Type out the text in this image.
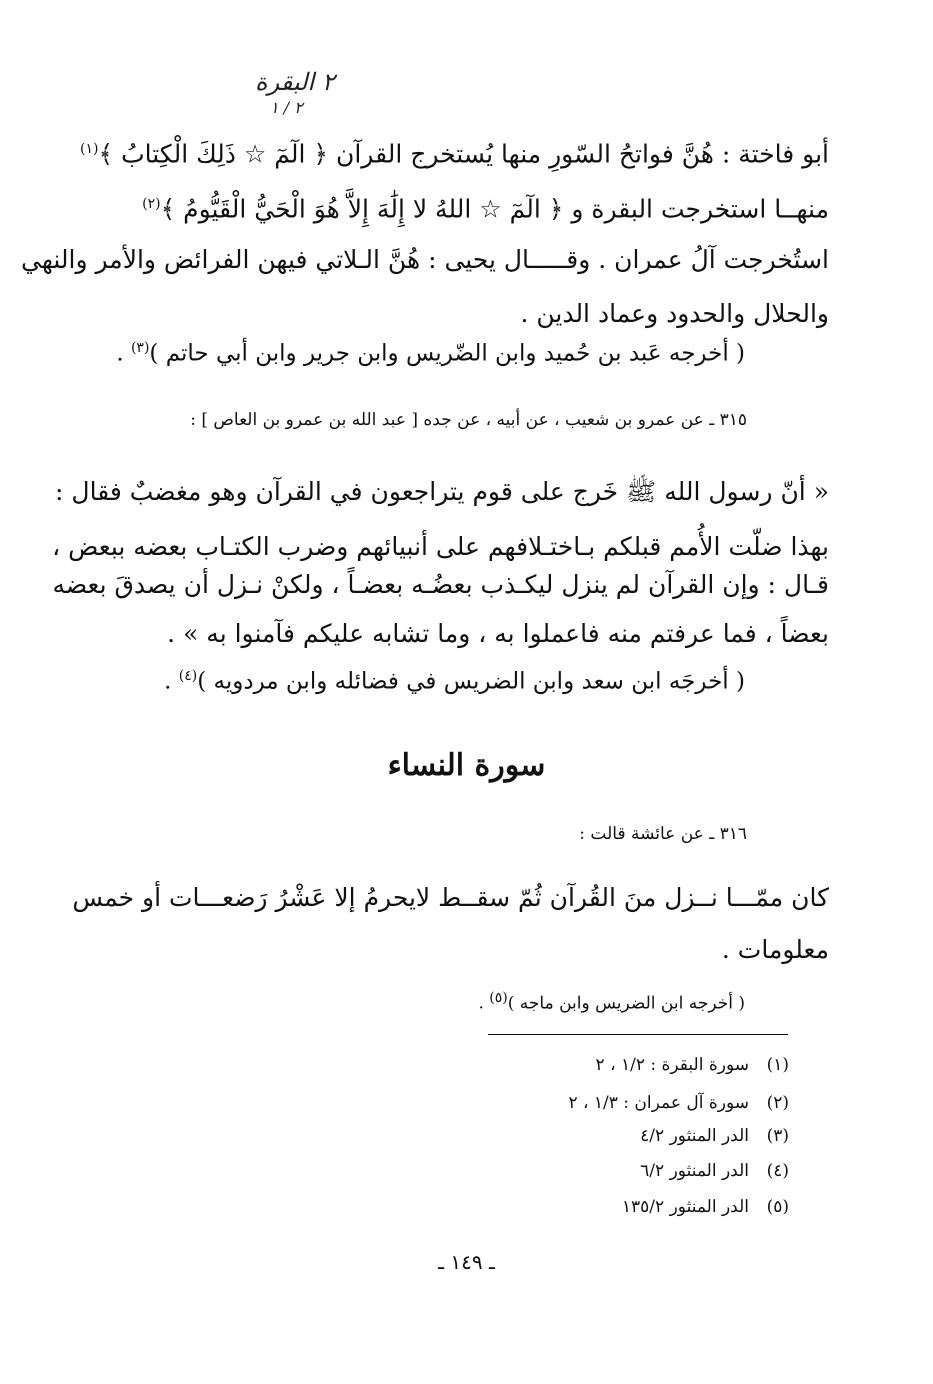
٢ البقرة
٢ / ١
أبو فاختة : هُنَّ فواتحُ السّورِ منها يُستخرج القرآن ﴿ الٓمٓ ☆ ذَلِكَ الْكِتابُ ﴾$^{(١)}$
منهــا استخرجت البقرة و ﴿ الٓمٓ ☆ اللهُ لا إِلَٰهَ إِلاَّ هُوَ الْحَيُّ الْقَيُّومُ ﴾$^{(٢)}$
استُخرجت آلُ عمران . وقـــــال يحيى : هُنَّ الـلاتي فيهن الفرائض والأمر والنهي
والحلال والحدود وعماد الدين .
( أخرجه عَبد بن حُميد وابن الضّريس وابن جرير وابن أبي حاتم )$^{(٣)}$ .
٣١٥ ـ عن عمرو بن شعيب ، عن أبيه ، عن جده [ عبد الله بن عمرو بن العاص ] :
« أنّ رسول الله ﷺ خَرج على قوم يتراجعون في القرآن وهو مغضبٌ فقال :
بهذا ضلّت الأُمم قبلكم بـاختـلافهم على أنبيائهم وضرب الكتـاب بعضه ببعض ،
قـال : وإن القرآن لم ينزل ليكـذب بعضُـه بعضـاً ، ولكنْ نـزل أن يصدقَ بعضه
بعضاً ، فما عرفتم منه فاعملوا به ، وما تشابه عليكم فآمنوا به » .
( أخرجَه ابن سعد وابن الضريس في فضائله وابن مردويه )$^{(٤)}$ .
سورة النساء
٣١٦ ـ عن عائشة قالت :
كان ممّـــا نــزل منَ القُرآن ثُمّ سقــط لايحرمُ إلا عَشْرُ رَضعـــات أو خمس
معلومات .
( أخرجه ابن الضريس وابن ماجه )$^{(٥)}$ .
(١)سورة البقرة : ١/٢ ، ٢
(٢)سورة آل عمران : ١/٣ ، ٢
(٣)الدر المنثور ٤/٢
(٤)الدر المنثور ٦/٢
(٥)الدر المنثور ١٣٥/٢
ـ ١٤٩ ـ
